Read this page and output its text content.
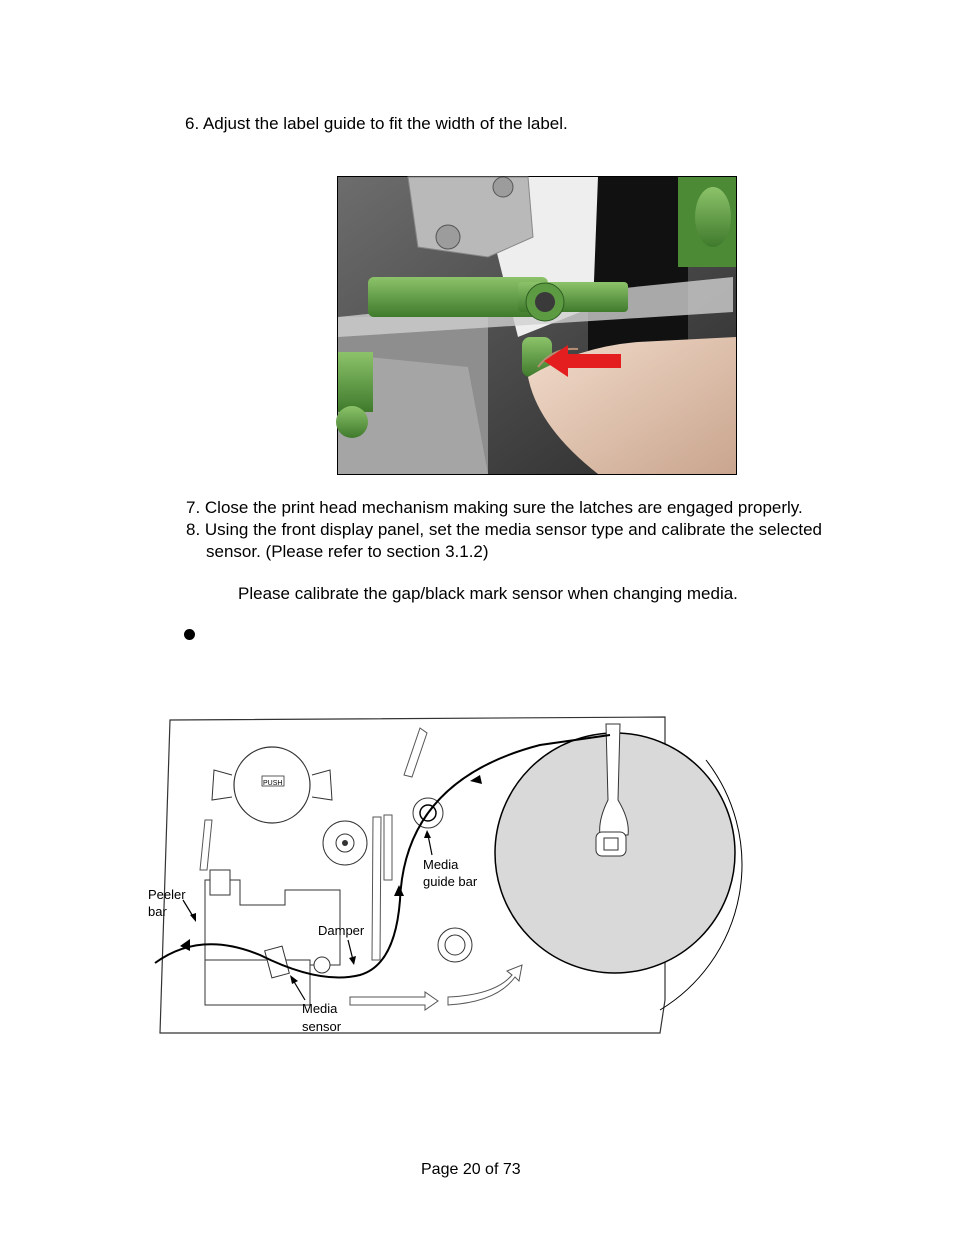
6. Adjust the label guide to fit the width of the label.
7. Close the print head mechanism making sure the latches are engaged properly.
8. Using the front display panel, set the media sensor type and calibrate the selected
sensor. (Please refer to section 3.1.2)
Please calibrate the gap/black mark sensor when changing media.
PUSH
Peeler
bar
Damper
Media
guide bar
Media
sensor
Page 20 of 73
